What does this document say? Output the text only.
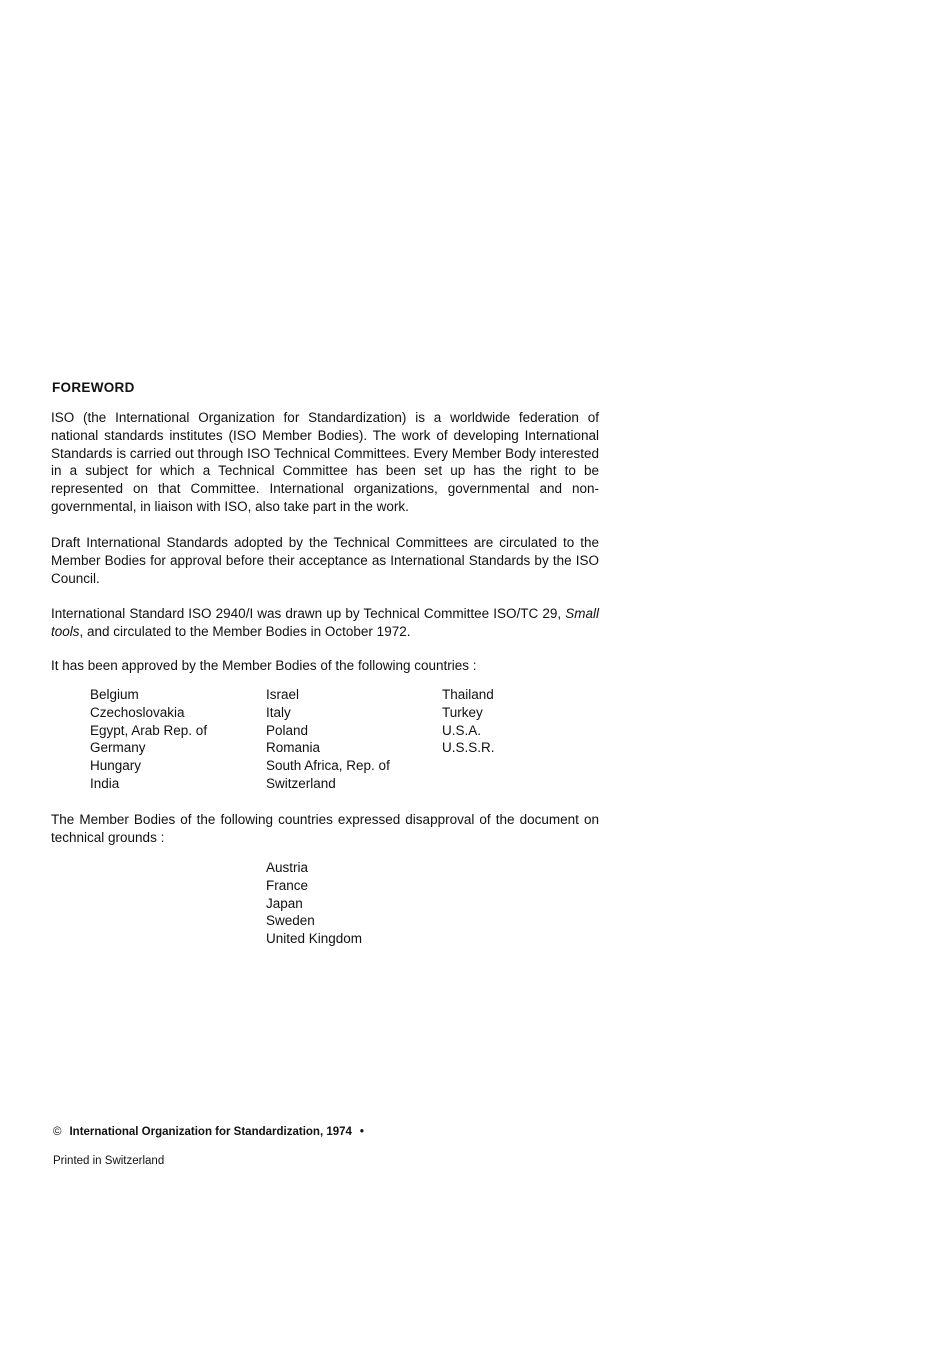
FOREWORD
ISO (the International Organization for Standardization) is a worldwide federation of national standards institutes (ISO Member Bodies). The work of developing International Standards is carried out through ISO Technical Committees. Every Member Body interested in a subject for which a Technical Committee has been set up has the right to be represented on that Committee. International organizations, governmental and non-governmental, in liaison with ISO, also take part in the work.
Draft International Standards adopted by the Technical Committees are circulated to the Member Bodies for approval before their acceptance as International Standards by the ISO Council.
International Standard ISO 2940/I was drawn up by Technical Committee ISO/TC 29, Small tools, and circulated to the Member Bodies in October 1972.
It has been approved by the Member Bodies of the following countries :
Belgium
Czechoslovakia
Egypt, Arab Rep. of
Germany
Hungary
India
Israel
Italy
Poland
Romania
South Africa, Rep. of
Switzerland
Thailand
Turkey
U.S.A.
U.S.S.R.
The Member Bodies of the following countries expressed disapproval of the document on technical grounds :
Austria
France
Japan
Sweden
United Kingdom
© International Organization for Standardization, 1974 •
Printed in Switzerland
